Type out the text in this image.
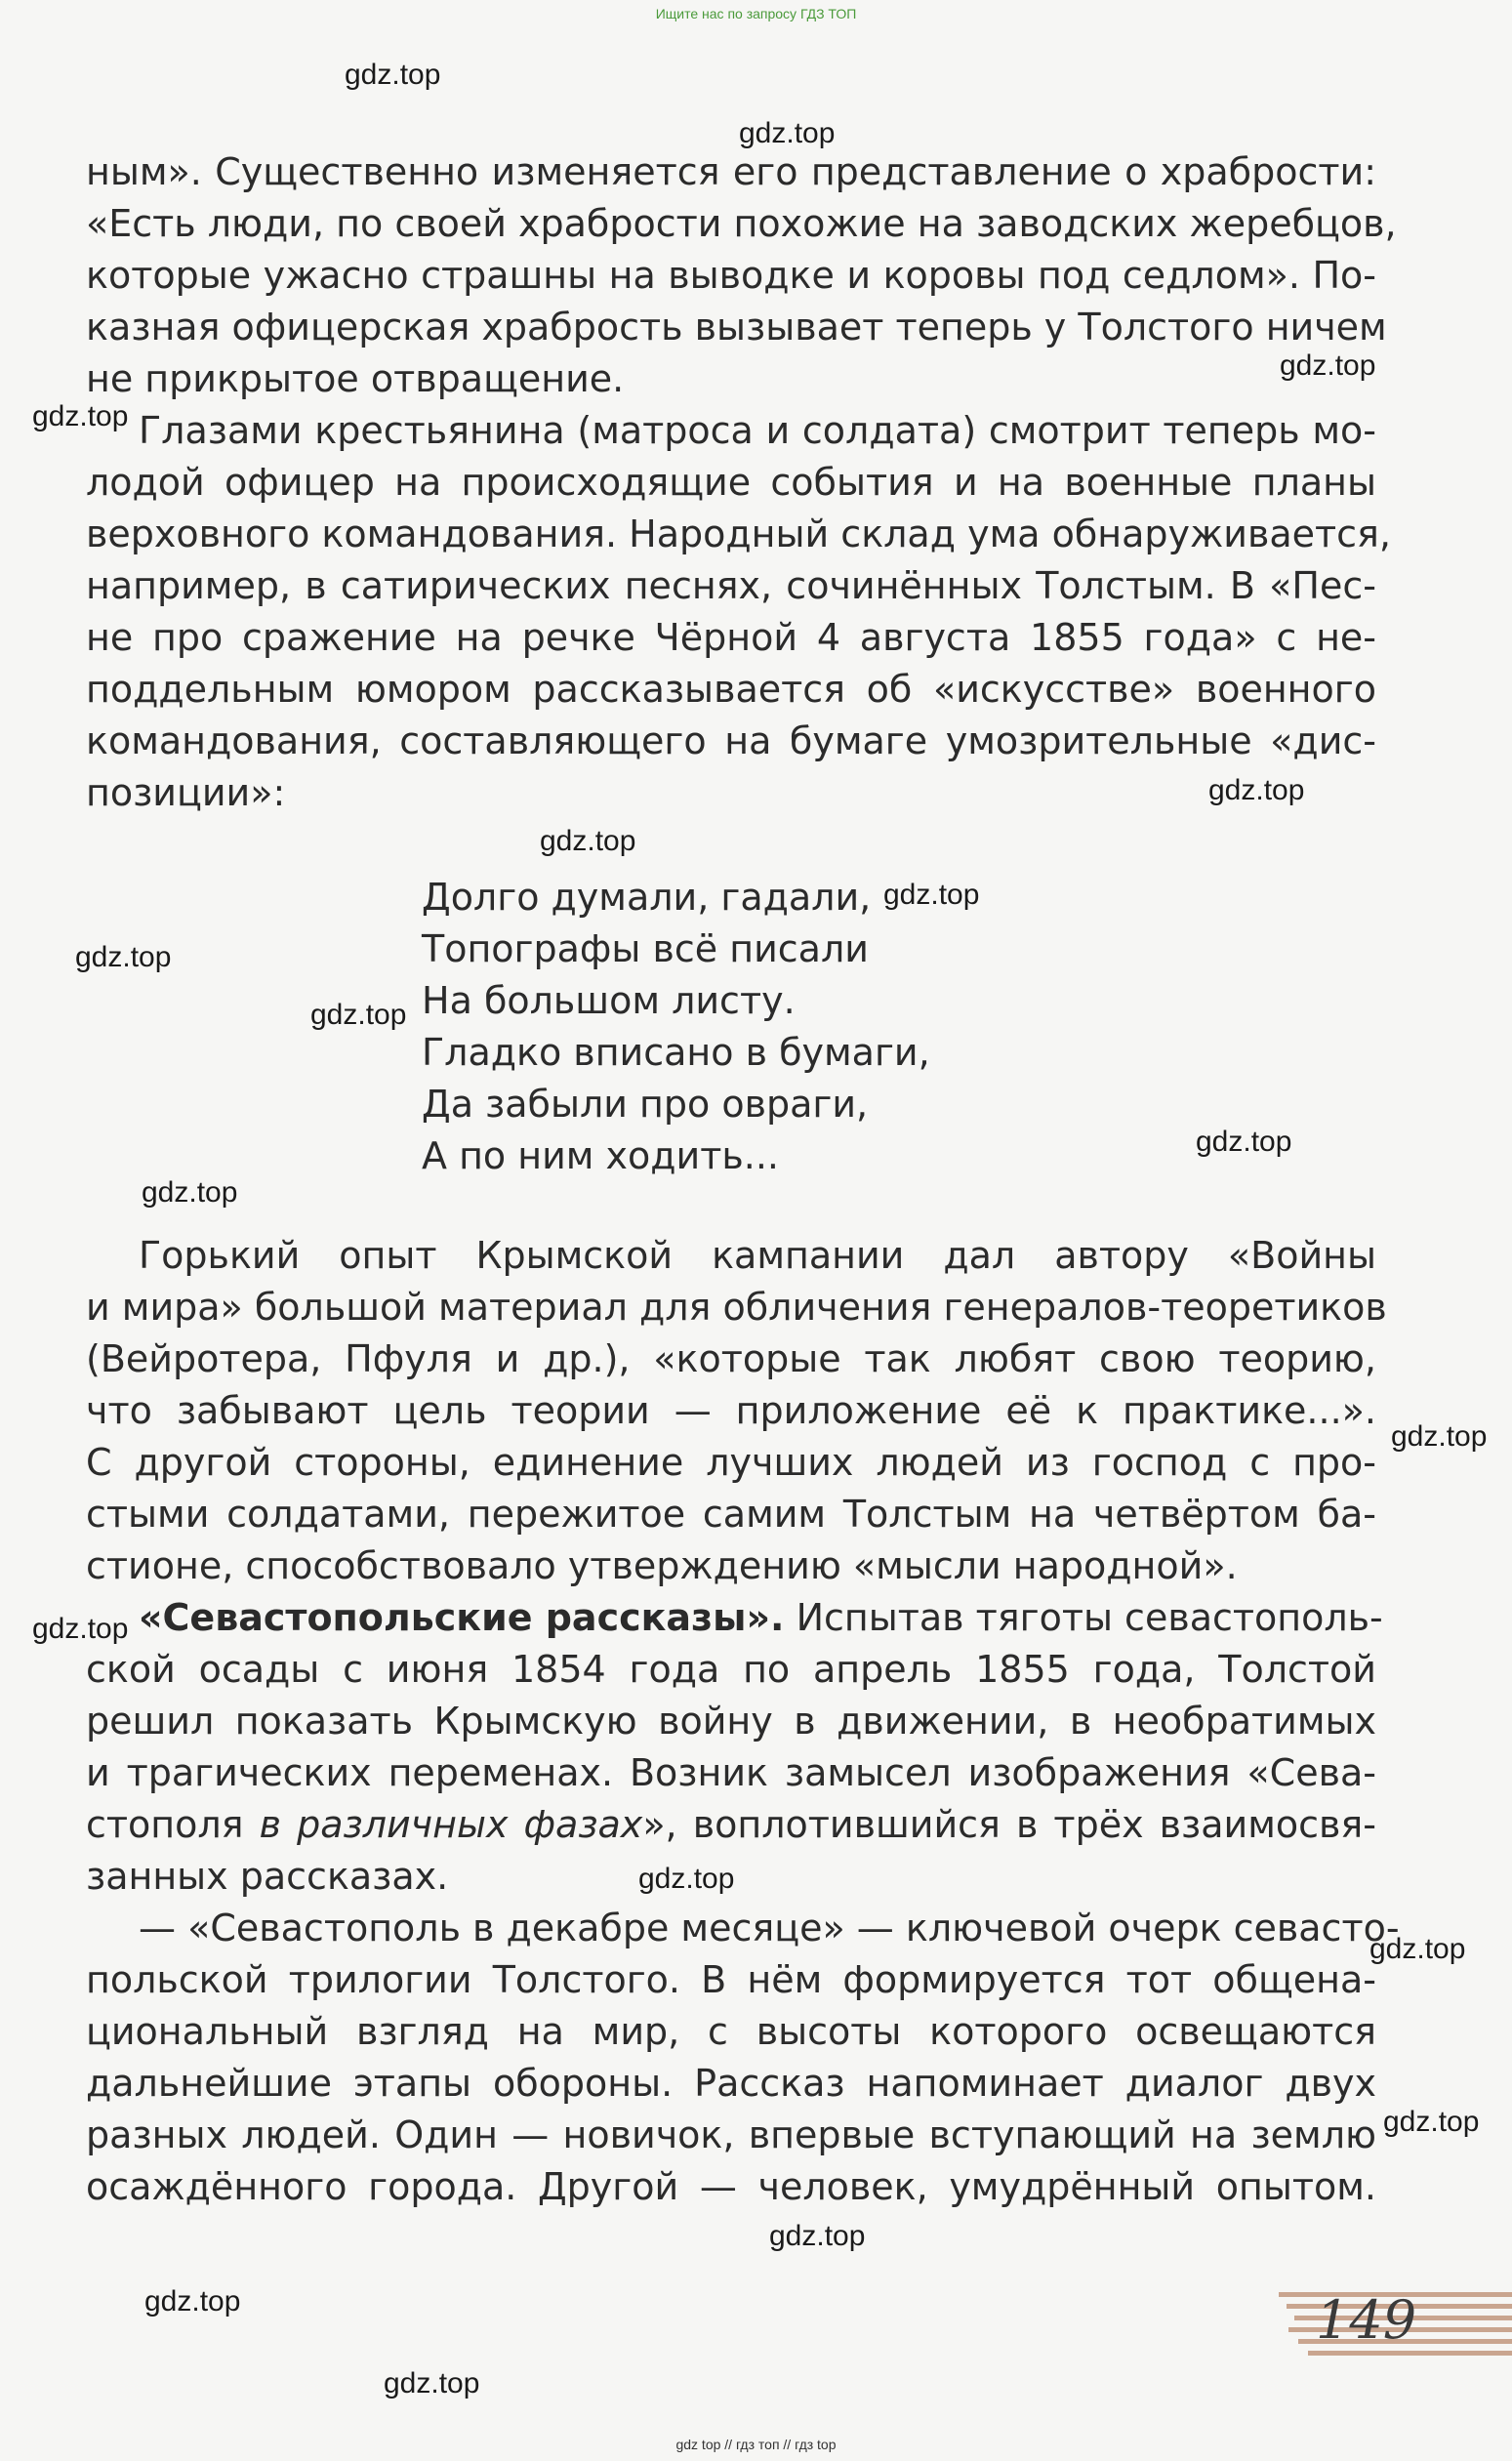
Ищите нас по запросу ГДЗ ТОП

ным». Существенно изменяется его представление о храбрости:

«Есть люди, по своей храбрости похожие на заводских жеребцов,

которые ужасно страшны на выводке и коровы под седлом». По-

казная офицерская храбрость вызывает теперь у Толстого ничем

не прикрытое отвращение.

Глазами крестьянина (матроса и солдата) смотрит теперь мо-

лодой офицер на происходящие события и на военные планы

верховного командования. Народный склад ума обнаруживается,

например, в сатирических песнях, сочинённых Толстым. В «Пес-

не про сражение на речке Чёрной 4 августа 1855 года» с не-

поддельным юмором рассказывается об «искусстве» военного

командования, составляющего на бумаге умозрительные «дис-

позиции»:

Долго думали, гадали,

Топографы всё писали

На большом листу.

Гладко вписано в бумаги,

Да забыли про овраги,

А по ним ходить...

Горький опыт Крымской кампании дал автору «Войны

и мира» большой материал для обличения генералов-теоретиков

(Вейротера, Пфуля и др.), «которые так любят свою теорию,

что забывают цель теории — приложение её к практике...».

С другой стороны, единение лучших людей из господ с про-

стыми солдатами, пережитое самим Толстым на четвёртом ба-

стионе, способствовало утверждению «мысли народной».

«Севастопольские рассказы». Испытав тяготы севастополь-

ской осады с июня 1854 года по апрель 1855 года, Толстой

решил показать Крымскую войну в движении, в необратимых

и трагических переменах. Возник замысел изображения «Сева-

стополя в различных фазах», воплотившийся в трёх взаимосвя-

занных рассказах.

— «Севастополь в декабре месяце» — ключевой очерк севасто-

польской трилогии Толстого. В нём формируется тот общена-

циональный взгляд на мир, с высоты которого освещаются

дальнейшие этапы обороны. Рассказ напоминает диалог двух

разных людей. Один — новичок, впервые вступающий на землю

осаждённого города. Другой — человек, умудрённый опытом.

gdz.top
gdz.top
gdz.top
gdz.top
gdz.top
gdz.top
gdz.top
gdz.top
gdz.top
gdz.top
gdz.top
gdz.top
gdz.top
gdz.top
gdz.top
gdz.top
gdz.top
gdz.top
gdz.top
149
gdz top // гдз топ // гдз top
